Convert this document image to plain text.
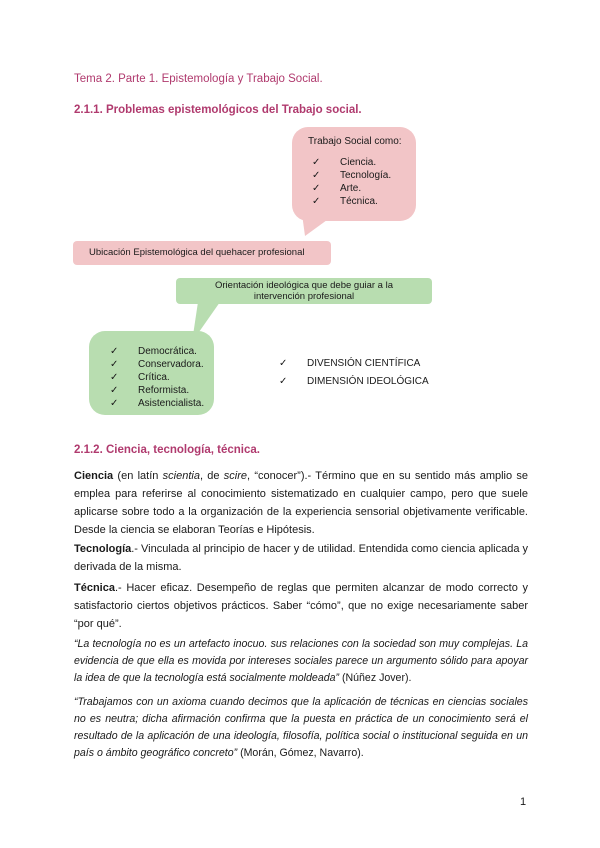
Tema 2. Parte 1. Epistemología y Trabajo Social.
2.1.1. Problemas epistemológicos del Trabajo social.
Trabajo Social como:
✓	Ciencia.
✓	Tecnología.
✓	Arte.
✓	Técnica.
Ubicación Epistemológica del quehacer profesional
Orientación ideológica que debe guiar a la
intervención profesional
✓	Democrática.
✓	Conservadora.
✓	Crítica.
✓	Reformista.
✓	Asistencialista.
✓	DIVENSIÓN CIENTÍFICA
✓	DIMENSIÓN IDEOLÓGICA
2.1.2. Ciencia, tecnología, técnica.
Ciencia (en latín scientia, de scire, “conocer”).- Término que en su sentido más amplio se emplea para referirse al conocimiento sistematizado en cualquier campo, pero que suele aplicarse sobre todo a la organización de la experiencia sensorial objetivamente verificable. Desde la ciencia se elaboran Teorías e Hipótesis.
Tecnología.- Vinculada al principio de hacer y de utilidad. Entendida como ciencia aplicada y derivada de la misma.
Técnica.- Hacer eficaz. Desempeño de reglas que permiten alcanzar de modo correcto y satisfactorio ciertos objetivos prácticos. Saber “cómo”, que no exige necesariamente saber “por qué”.
“La tecnología no es un artefacto inocuo. sus relaciones con la sociedad son muy complejas. La evidencia de que ella es movida por intereses sociales parece un argumento sólido para apoyar la idea de que la tecnología está socialmente moldeada” (Núñez Jover).
“Trabajamos con un axioma cuando decimos que la aplicación de técnicas en ciencias sociales no es neutra; dicha afirmación confirma que la puesta en práctica de un conocimiento será el resultado de la aplicación de una ideología, filosofía, política social o institucional seguida en un país o ámbito geográfico concreto” (Morán, Gómez, Navarro).
1
